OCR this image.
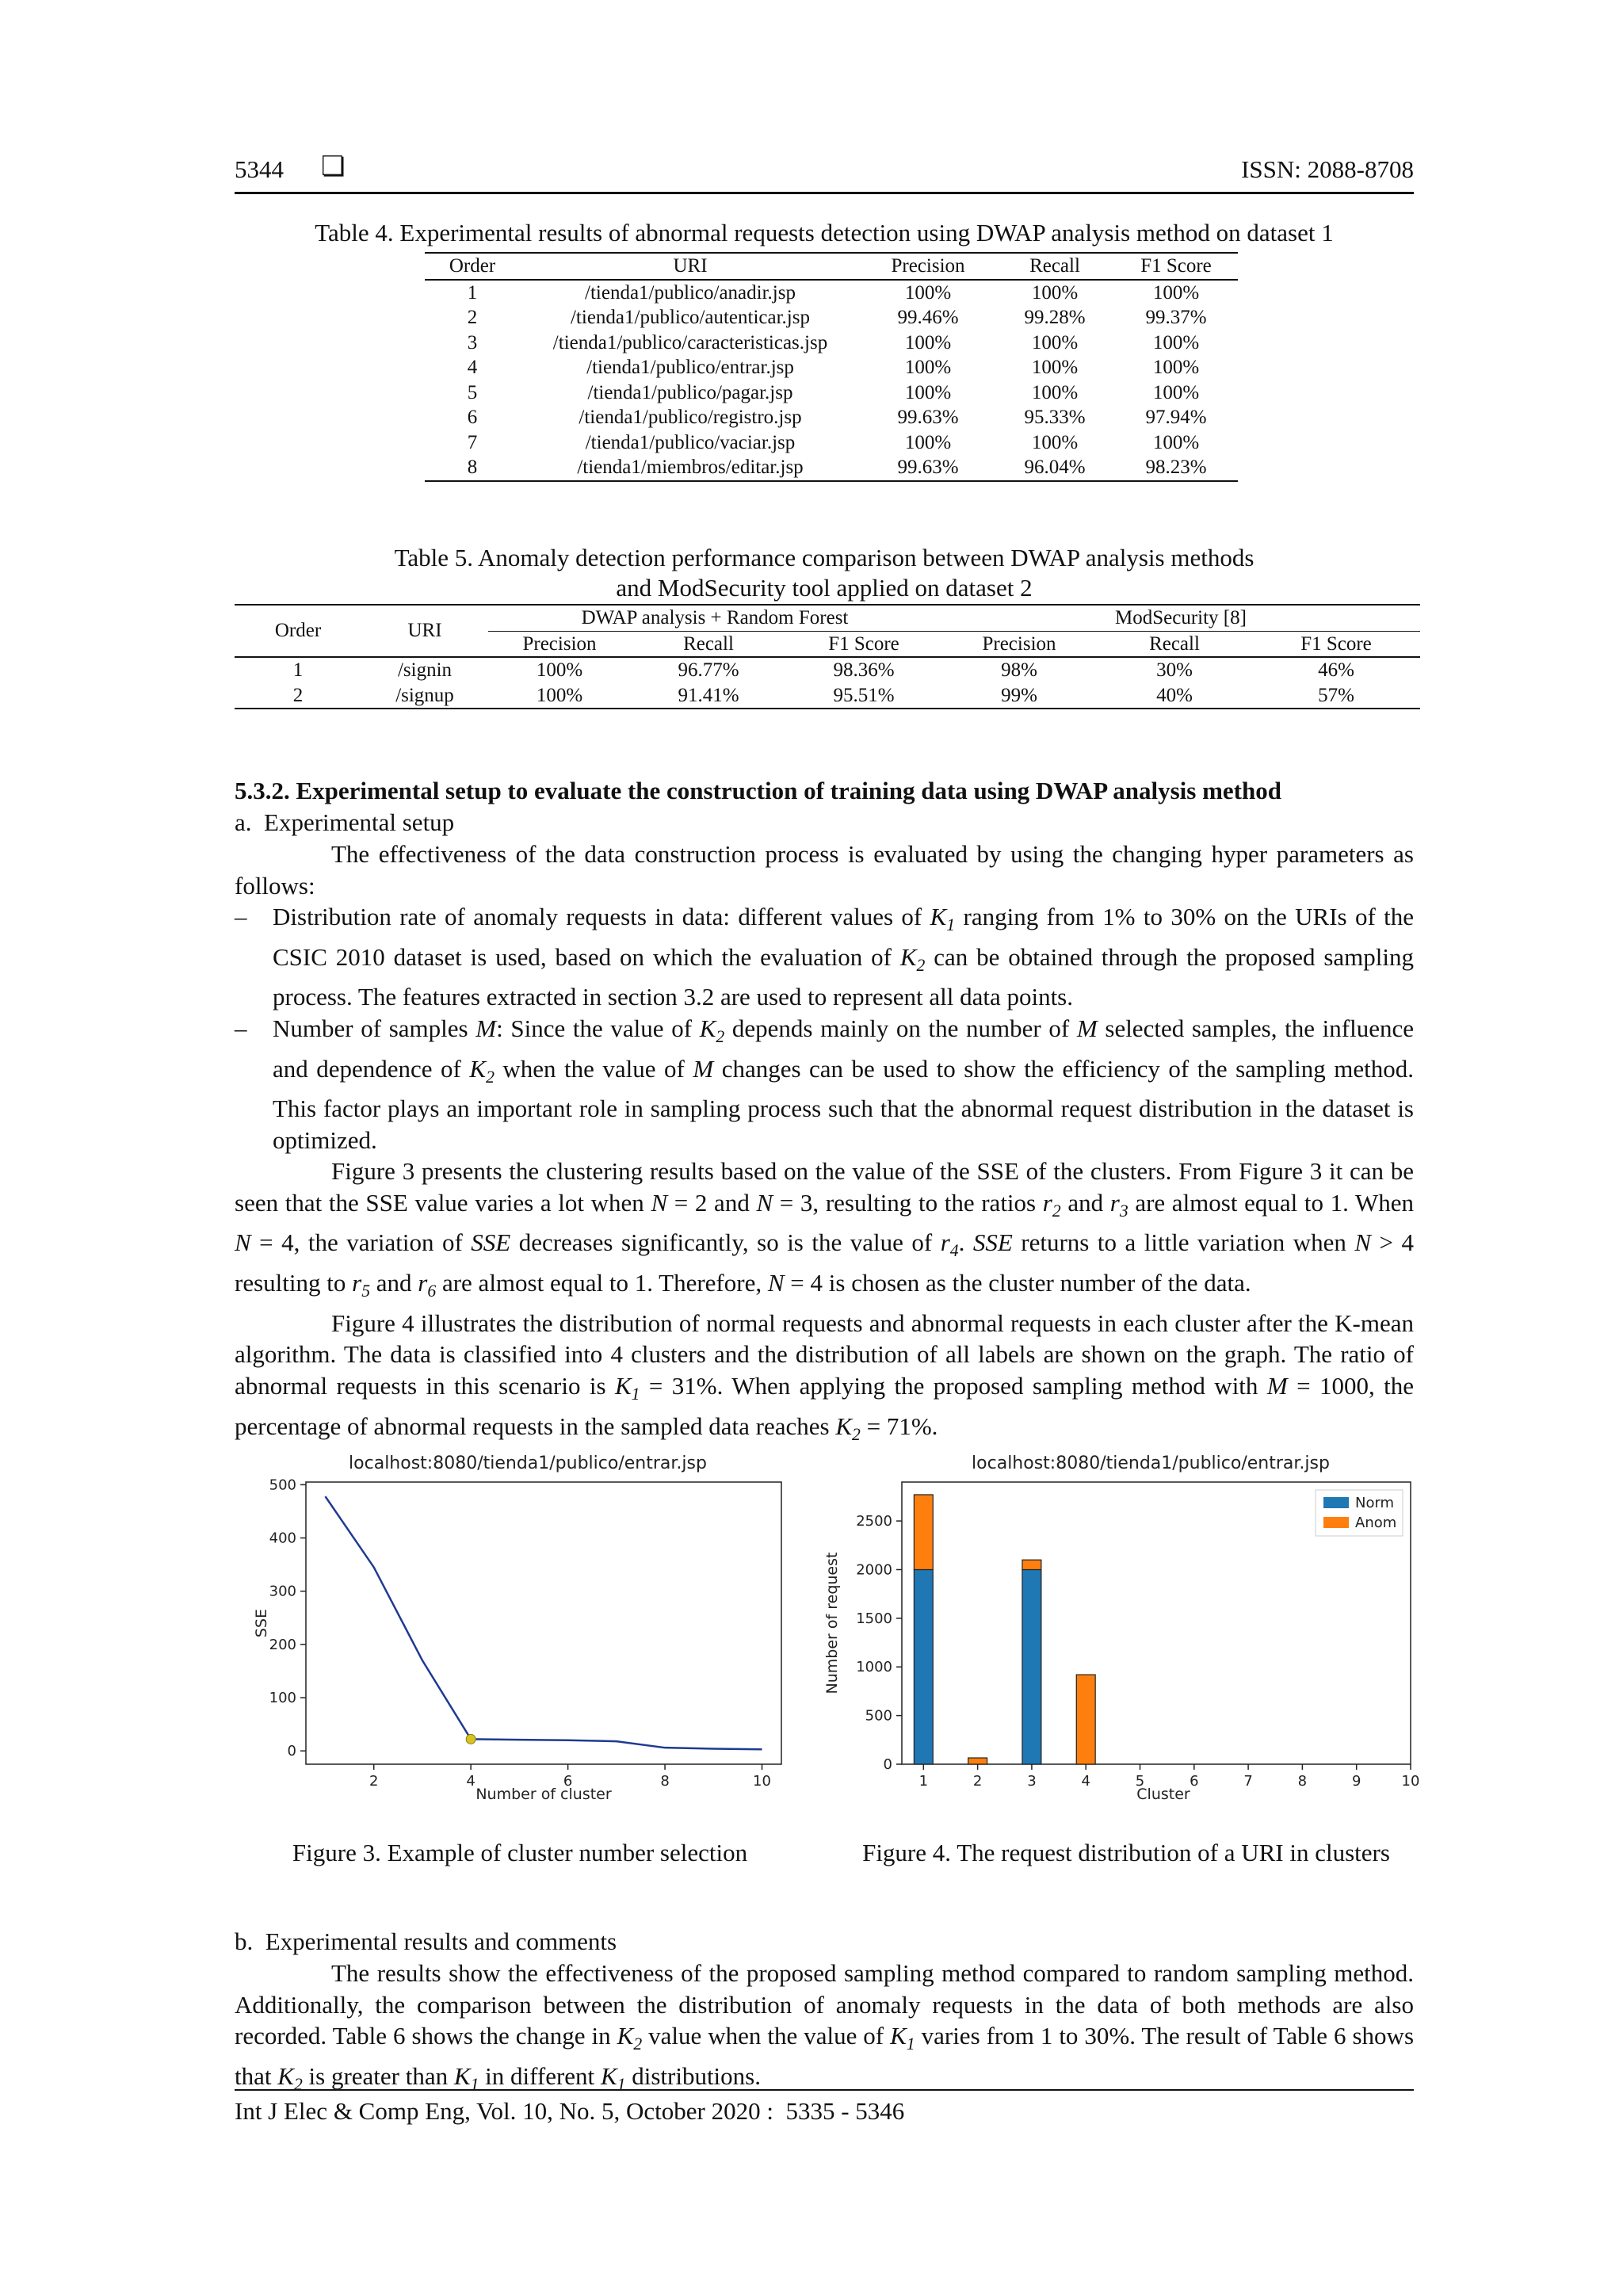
5344 ❏	ISSN: 2088-8708
Table 4. Experimental results of abnormal requests detection using DWAP analysis method on dataset 1
Order	URI	Precision	Recall	F1 Score
1	/tienda1/publico/anadir.jsp	100%	100%	100%
2	/tienda1/publico/autenticar.jsp	99.46%	99.28%	99.37%
3	/tienda1/publico/caracteristicas.jsp	100%	100%	100%
4	/tienda1/publico/entrar.jsp	100%	100%	100%
5	/tienda1/publico/pagar.jsp	100%	100%	100%
6	/tienda1/publico/registro.jsp	99.63%	95.33%	97.94%
7	/tienda1/publico/vaciar.jsp	100%	100%	100%
8	/tienda1/miembros/editar.jsp	99.63%	96.04%	98.23%
Table 5. Anomaly detection performance comparison between DWAP analysis methods
and ModSecurity tool applied on dataset 2
Order	URI	DWAP analysis + Random Forest			ModSecurity [8]		
		Precision	Recall	F1 Score	Precision	Recall	F1 Score
1	/signin	100%	96.77%	98.36%	98%	30%	46%
2	/signup	100%	91.41%	95.51%	99%	40%	57%
5.3.2. Experimental setup to evaluate the construction of training data using DWAP analysis method
a.  Experimental setup
The effectiveness of the data construction process is evaluated by using the changing hyper parameters as follows:
– Distribution rate of anomaly requests in data: different values of $K_1$ ranging from 1% to 30% on the URIs of the CSIC 2010 dataset is used, based on which the evaluation of $K_2$ can be obtained through the proposed sampling process. The features extracted in section 3.2 are used to represent all data points.
– Number of samples M: Since the value of $K_2$ depends mainly on the number of M selected samples, the influence and dependence of $K_2$ when the value of M changes can be used to show the efficiency of the sampling method. This factor plays an important role in sampling process such that the abnormal request distribution in the dataset is optimized.
Figure 3 presents the clustering results based on the value of the SSE of the clusters. From Figure 3 it can be seen that the SSE value varies a lot when N = 2 and N = 3, resulting to the ratios $r_2$ and $r_3$ are almost equal to 1. When N = 4, the variation of SSE decreases significantly, so is the value of $r_4$. SSE returns to a little variation when N > 4 resulting to $r_5$ and $r_6$ are almost equal to 1. Therefore, N = 4 is chosen as the cluster number of the data.
Figure 4 illustrates the distribution of normal requests and abnormal requests in each cluster after the K-mean algorithm. The data is classified into 4 clusters and the distribution of all labels are shown on the graph. The ratio of abnormal requests in this scenario is $K_1 = 31\%$. When applying the proposed sampling method with M = 1000, the percentage of abnormal requests in the sampled data reaches $K_2 = 71\%$.
localhost:8080/tienda1/publico/entrar.jsp
2	4	6	8	10
0
100
200
300
400
500
Number of cluster
SSE
localhost:8080/tienda1/publico/entrar.jsp
1	2	3	4	5	6	7	8	9	10
0
500
1000
1500
2000
2500
Norm
Anom
Cluster
Number of request
Figure 3. Example of cluster number selection	Figure 4. The request distribution of a URI in clusters
b.  Experimental results and comments
The results show the effectiveness of the proposed sampling method compared to random sampling method. Additionally, the comparison between the distribution of anomaly requests in the data of both methods are also recorded. Table 6 shows the change in $K_2$ value when the value of $K_1$ varies from 1 to 30%. The result of Table 6 shows that $K_2$ is greater than $K_1$ in different $K_1$ distributions.
Int J Elec & Comp Eng, Vol. 10, No. 5, October 2020 :  5335 - 5346
